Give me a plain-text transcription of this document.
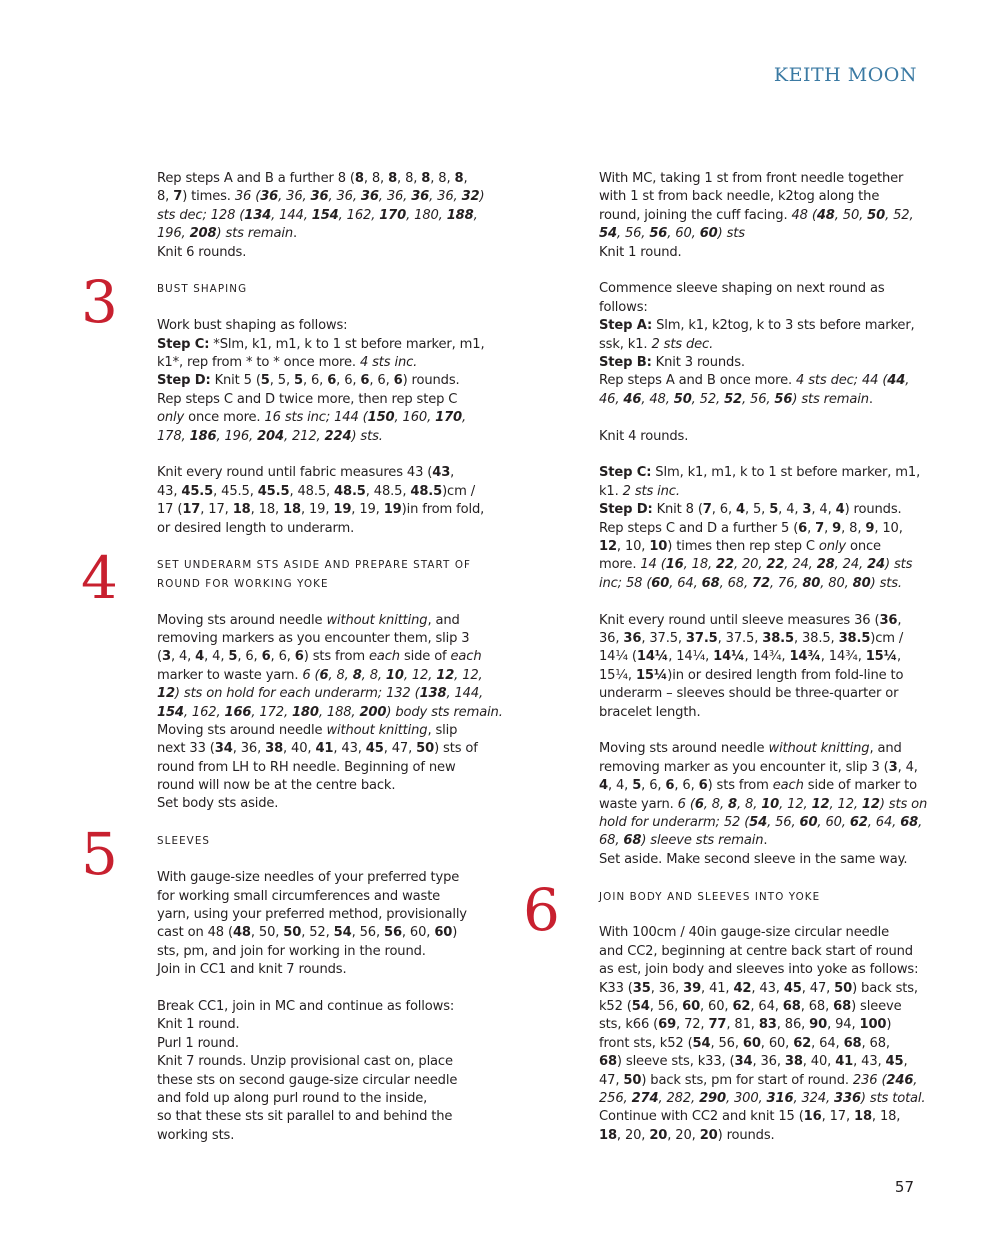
KEITH MOON
Rep steps A and B a further 8 (8, 8, 8, 8, 8, 8, 8,
8, 7) times. 36 (36, 36, 36, 36, 36, 36, 36, 36, 32)
sts dec; 128 (134, 144, 154, 162, 170, 180, 188,
196, 208) sts remain.
Knit 6 rounds.
3	BUST SHAPING
Work bust shaping as follows:
Step C: *Slm, k1, m1, k to 1 st before marker, m1,
k1*, rep from * to * once more. 4 sts inc.
Step D: Knit 5 (5, 5, 5, 6, 6, 6, 6, 6, 6) rounds.
Rep steps C and D twice more, then rep step C
only once more. 16 sts inc; 144 (150, 160, 170,
178, 186, 196, 204, 212, 224) sts.
Knit every round until fabric measures 43 (43,
43, 45.5, 45.5, 45.5, 48.5, 48.5, 48.5, 48.5)cm /
17 (17, 17, 18, 18, 18, 19, 19, 19, 19)in from fold,
or desired length to underarm.
4	SET UNDERARM STS ASIDE AND PREPARE START OF
ROUND FOR WORKING YOKE
Moving sts around needle without knitting, and
removing markers as you encounter them, slip 3
(3, 4, 4, 4, 5, 6, 6, 6, 6) sts from each side of each
marker to waste yarn. 6 (6, 8, 8, 8, 10, 12, 12, 12,
12) sts on hold for each underarm; 132 (138, 144,
154, 162, 166, 172, 180, 188, 200) body sts remain.
Moving sts around needle without knitting, slip
next 33 (34, 36, 38, 40, 41, 43, 45, 47, 50) sts of
round from LH to RH needle. Beginning of new
round will now be at the centre back.
Set body sts aside.
5	SLEEVES
With gauge-size needles of your preferred type
for working small circumferences and waste
yarn, using your preferred method, provisionally
cast on 48 (48, 50, 50, 52, 54, 56, 56, 60, 60)
sts, pm, and join for working in the round.
Join in CC1 and knit 7 rounds.
Break CC1, join in MC and continue as follows:
Knit 1 round.
Purl 1 round.
Knit 7 rounds. Unzip provisional cast on, place
these sts on second gauge-size circular needle
and fold up along purl round to the inside,
so that these sts sit parallel to and behind the
working sts.
With MC, taking 1 st from front needle together
with 1 st from back needle, k2tog along the
round, joining the cuff facing. 48 (48, 50, 50, 52,
54, 56, 56, 60, 60) sts
Knit 1 round.
Commence sleeve shaping on next round as
follows:
Step A: Slm, k1, k2tog, k to 3 sts before marker,
ssk, k1. 2 sts dec.
Step B: Knit 3 rounds.
Rep steps A and B once more. 4 sts dec; 44 (44,
46, 46, 48, 50, 52, 52, 56, 56) sts remain.
Knit 4 rounds.
Step C: Slm, k1, m1, k to 1 st before marker, m1,
k1. 2 sts inc.
Step D: Knit 8 (7, 6, 4, 5, 5, 4, 3, 4, 4) rounds.
Rep steps C and D a further 5 (6, 7, 9, 8, 9, 10,
12, 10, 10) times then rep step C only once
more. 14 (16, 18, 22, 20, 22, 24, 28, 24, 24) sts
inc; 58 (60, 64, 68, 68, 72, 76, 80, 80, 80) sts.
Knit every round until sleeve measures 36 (36,
36, 36, 37.5, 37.5, 37.5, 38.5, 38.5, 38.5)cm /
14¼ (14¼, 14¼, 14¼, 14¾, 14¾, 14¾, 15¼,
15¼, 15¼)in or desired length from fold-line to
underarm – sleeves should be three-quarter or
bracelet length.
Moving sts around needle without knitting, and
removing marker as you encounter it, slip 3 (3, 4,
4, 4, 5, 6, 6, 6, 6) sts from each side of marker to
waste yarn. 6 (6, 8, 8, 8, 10, 12, 12, 12, 12) sts on
hold for underarm; 52 (54, 56, 60, 60, 62, 64, 68,
68, 68) sleeve sts remain.
Set aside. Make second sleeve in the same way.
6	JOIN BODY AND SLEEVES INTO YOKE
With 100cm / 40in gauge-size circular needle
and CC2, beginning at centre back start of round
as est, join body and sleeves into yoke as follows:
K33 (35, 36, 39, 41, 42, 43, 45, 47, 50) back sts,
k52 (54, 56, 60, 60, 62, 64, 68, 68, 68) sleeve
sts, k66 (69, 72, 77, 81, 83, 86, 90, 94, 100)
front sts, k52 (54, 56, 60, 60, 62, 64, 68, 68,
68) sleeve sts, k33, (34, 36, 38, 40, 41, 43, 45,
47, 50) back sts, pm for start of round. 236 (246,
256, 274, 282, 290, 300, 316, 324, 336) sts total.
Continue with CC2 and knit 15 (16, 17, 18, 18,
18, 20, 20, 20, 20) rounds.
57
